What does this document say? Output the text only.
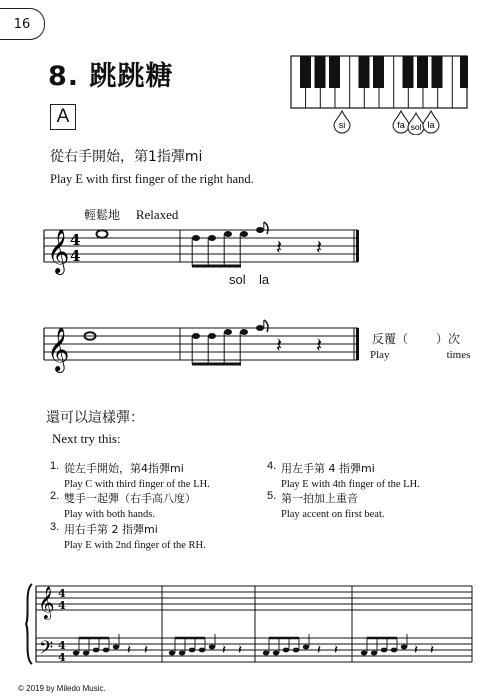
16
8. 跳跳糖
si	fa sol la
A
從右手開始，第1指彈mi
Play E with first finger of the right hand.
輕鬆地 Relaxed
𝄞 4
4	𝄽 𝄽
sol la
𝄞	𝄽 𝄽	反覆（ ）次
Play	times
還可以這樣彈：
Next try this:
1. 從左手開始，第4指彈mi
Play C with third finger of the LH.
2. 雙手一起彈（右手高八度）
Play with both hands.
3. 用右手第 2 指彈mi
Play E with 2nd finger of the RH.
4. 用左手第 4 指彈mi
Play E with 4th finger of the LH.
5. 第一拍加上重音
Play accent on first beat.
𝄞
𝄢
4
4
4
4	𝄽 𝄽	𝄽 𝄽	𝄽 𝄽	𝄽 𝄽
© 2019 by Miledo Music.
